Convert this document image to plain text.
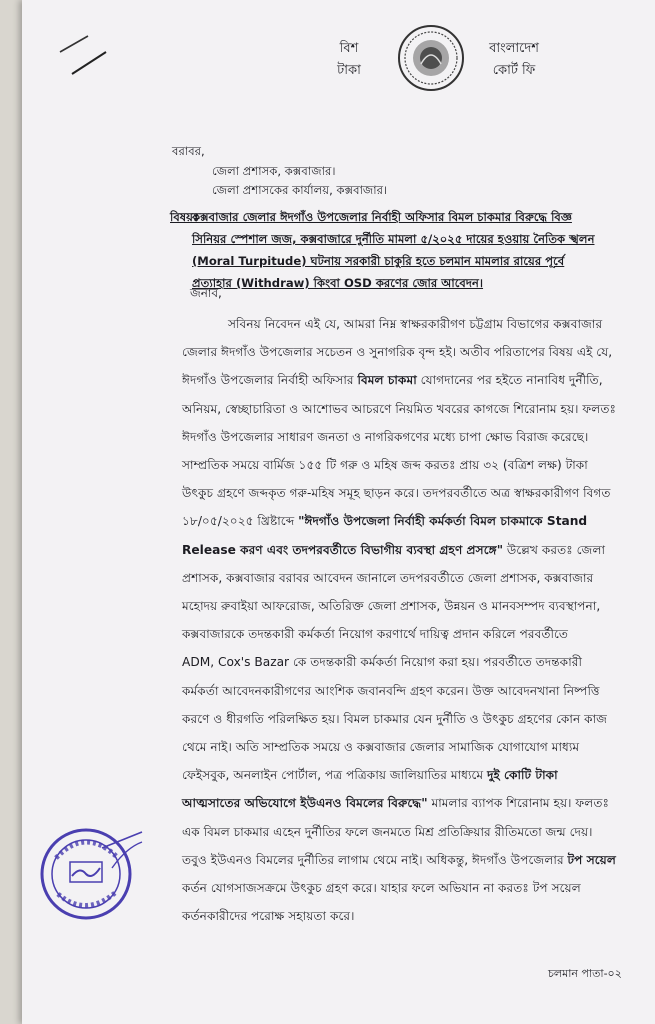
বিশ
টাকা
বাংলাদেশ
কোর্ট ফি
বরাবর,
জেলা প্রশাসক, কক্সবাজার।
জেলা প্রশাসকের কার্যালয়, কক্সবাজার।
বিষয়ঃ
কক্সবাজার জেলার ঈদগাঁও উপজেলার নির্বাহী অফিসার বিমল চাকমার বিরুদ্ধে বিজ্ঞ
সিনিয়র স্পেশাল জজ, কক্সবাজারে দুর্নীতি মামলা ৫/২০২৫ দায়ের হওয়ায় নৈতিক স্খলন
(Moral Turpitude) ঘটনায় সরকারী চাকুরি হতে চলমান মামলার রায়ের পূর্বে
প্রত্যাহার (Withdraw) কিংবা OSD করণের জোর আবেদন।
জনাব,

সবিনয় নিবেদন এই যে, আমরা নিম্ন স্বাক্ষরকারীগণ চট্টগ্রাম বিভাগের কক্সবাজার

জেলার ঈদগাঁও উপজেলার সচেতন ও সুনাগরিক বৃন্দ হই। অতীব পরিতাপের বিষয় এই যে,

ঈদগাঁও উপজেলার নির্বাহী অফিসার বিমল চাকমা যোগদানের পর হইতে নানাবিধ দুর্নীতি,

অনিয়ম, স্বেচ্ছাচারিতা ও আশোভব আচরণে নিয়মিত খবরের কাগজে শিরোনাম হয়। ফলতঃ

ঈদগাঁও উপজেলার সাধারণ জনতা ও নাগরিকগণের মধ্যে চাপা ক্ষোভ বিরাজ করেছে।

সাম্প্রতিক সময়ে বার্মিজ ১৫৫ টি গরু ও মহিষ জব্দ করতঃ প্রায় ৩২ (বত্রিশ লক্ষ) টাকা

উৎকুচ গ্রহণে জব্দকৃত গরু-মহিষ সমূহ ছাড়ন করে। তদপরবর্তীতে অত্র স্বাক্ষরকারীগণ বিগত

১৮/০৫/২০২৫ খ্রিষ্টাব্দে "ঈদগাঁও উপজেলা নির্বাহী কর্মকর্তা বিমল চাকমাকে Stand

Release করণ এবং তদপরবর্তীতে বিভাগীয় ব্যবস্থা গ্রহণ প্রসঙ্গে" উল্লেখ করতঃ জেলা

প্রশাসক, কক্সবাজার বরাবর আবেদন জানালে তদপরবর্তীতে জেলা প্রশাসক, কক্সবাজার

মহোদয় রুবাইয়া আফরোজ, অতিরিক্ত জেলা প্রশাসক, উন্নয়ন ও মানবসম্পদ ব্যবস্থাপনা,

কক্সবাজারকে তদন্তকারী কর্মকর্তা নিয়োগ করণার্থে দায়িত্ব প্রদান করিলে পরবর্তীতে

ADM, Cox's Bazar কে তদন্তকারী কর্মকর্তা নিয়োগ করা হয়। পরবর্তীতে তদন্তকারী

কর্মকর্তা আবেদনকারীগণের আংশিক জবানবন্দি গ্রহণ করেন। উক্ত আবেদনখানা নিষ্পত্তি

করণে ও ধীরগতি পরিলক্ষিত হয়। বিমল চাকমার যেন দুর্নীতি ও উৎকুচ গ্রহণের কোন কাজ

থেমে নাই। অতি সাম্প্রতিক সময়ে ও কক্সবাজার জেলার সামাজিক যোগাযোগ মাধ্যম

ফেইসবুক, অনলাইন পোর্টাল, পত্র পত্রিকায় জালিয়াতির মাধ্যমে দুই কোটি টাকা

আত্মসাতের অভিযোগে ইউএনও বিমলের বিরুদ্ধে" মামলার ব্যাপক শিরোনাম হয়। ফলতঃ

এক বিমল চাকমার এহেন দুর্নীতির ফলে জনমতে মিশ্র প্রতিক্রিয়ার রীতিমতো জন্ম দেয়।

তবুও ইউএনও বিমলের দুর্নীতির লাগাম থেমে নাই। অধিকন্তু, ঈদগাঁও উপজেলার টপ সয়েল

কর্তন যোগসাজসক্রমে উৎকুচ গ্রহণ করে। যাহার ফলে অভিযান না করতঃ টপ সয়েল

কর্তনকারীদের পরোক্ষ সহায়তা করে।

চলমান পাতা-০২
